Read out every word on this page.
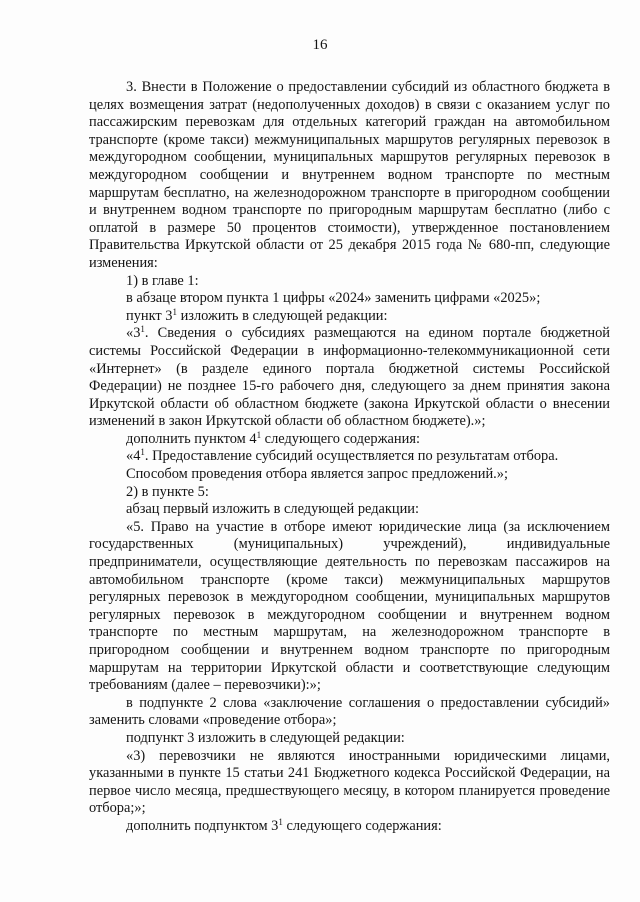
16

3. Внести в Положение о предоставлении субсидий из областного бюджета в целях возмещения затрат (недополученных доходов) в связи с оказанием услуг по пассажирским перевозкам для отдельных категорий граждан на автомобильном транспорте (кроме такси) межмуниципальных маршрутов регулярных перевозок в междугородном сообщении, муниципальных маршрутов регулярных перевозок в междугородном сообщении и внутреннем водном транспорте по местным маршрутам бесплатно, на железнодорожном транспорте в пригородном сообщении и внутреннем водном транспорте по пригородным маршрутам бесплатно (либо с оплатой в размере 50 процентов стоимости), утвержденное постановлением Правительства Иркутской области от 25 декабря 2015 года № 680-пп, следующие изменения:

1) в главе 1:

в абзаце втором пункта 1 цифры «2024» заменить цифрами «2025»;

пункт $3^1$ изложить в следующей редакции:

«$3^1$. Сведения о субсидиях размещаются на едином портале бюджетной системы Российской Федерации в информационно-телекоммуникационной сети «Интернет» (в разделе единого портала бюджетной системы Российской Федерации) не позднее 15-го рабочего дня, следующего за днем принятия закона Иркутской области об областном бюджете (закона Иркутской области о внесении изменений в закон Иркутской области об областном бюджете).»;

дополнить пунктом $4^1$ следующего содержания:

«$4^1$. Предоставление субсидий осуществляется по результатам отбора.

Способом проведения отбора является запрос предложений.»;

2) в пункте 5:

абзац первый изложить в следующей редакции:

«5. Право на участие в отборе имеют юридические лица (за исключением государственных (муниципальных) учреждений), индивидуальные предприниматели, осуществляющие деятельность по перевозкам пассажиров на автомобильном транспорте (кроме такси) межмуниципальных маршрутов регулярных перевозок в междугородном сообщении, муниципальных маршрутов регулярных перевозок в междугородном сообщении и внутреннем водном транспорте по местным маршрутам, на железнодорожном транспорте в пригородном сообщении и внутреннем водном транспорте по пригородным маршрутам на территории Иркутской области и соответствующие следующим требованиям (далее – перевозчики):»;

в подпункте 2 слова «заключение соглашения о предоставлении субсидий» заменить словами «проведение отбора»;

подпункт 3 изложить в следующей редакции:

«3) перевозчики не являются иностранными юридическими лицами, указанными в пункте 15 статьи 241 Бюджетного кодекса Российской Федерации, на первое число месяца, предшествующего месяцу, в котором планируется проведение отбора;»;

дополнить подпунктом $3^1$ следующего содержания:
